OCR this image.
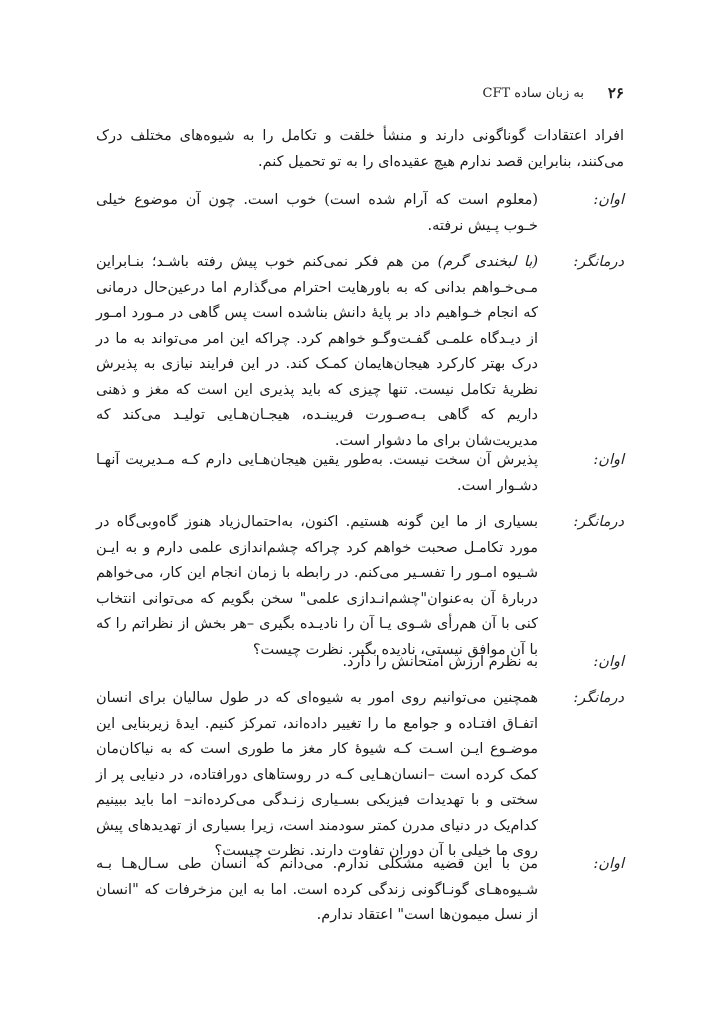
۲۶
CFT به زبان ساده
افراد اعتقادات گوناگونی دارند و منشأ خلقت و تکامل را به شیوه‌های مختلف درک می‌کنند، بنابراین قصد ندارم هیچ عقیده‌ای را به تو تحمیل کنم.
اوان:
(معلوم است که آرام شده است) خوب است. چون آن موضوع خیلی خـوب پـیش نرفته.
درمانگر:
(با لبخندی گرم) من هم فکر نمی‌کنم خوب پیش رفته باشـد؛ بنـابراین مـی‌خـواهم بدانی که به باورهایت احترام می‌گذارم اما درعین‌حال درمانی که انجام خـواهیم داد بر پایهٔ دانش بناشده است پس گاهی در مـورد امـور از دیـدگاه علمـی گفـت‌وگـو خواهم کرد. چراکه این امر می‌تواند به ما در درک بهتر کارکرد هیجان‌هایمان کمـک کند. در این فرایند نیازی به پذیرش نظریهٔ تکامل نیست. تنها چیزی که باید پذیری این است که مغز و ذهنی داریم که گاهی بـه‌صـورت فریبنـده، هیجـان‌هـایی تولیـد می‌کند که مدیریت‌شان برای ما دشوار است.
اوان:
پذیرش آن سخت نیست. به‌طور یقین هیجان‌هـایی دارم کـه مـدیریت آنهـا دشـوار است.
درمانگر:
بسیاری از ما این گونه هستیم. اکنون، به‌احتمال‌زیاد هنوز گاه‌وبی‌گاه در مورد تکامـل صحبت خواهم کرد چراکه چشم‌اندازی علمی دارم و به ایـن شـیوه امـور را تفسـیر می‌کنم. در رابطه با زمان انجام این کار، می‌خواهم دربارهٔ آن به‌عنوان"چشم‌انـدازی علمی" سخن بگویم که می‌توانی انتخاب کنی با آن هم‌رأی شـوی یـا آن را نادیـده بگیری –هر بخش از نظراتم را که با آن موافق نیستی، نادیده بگیر. نظرت چیست؟
اوان:
به نظرم ارزش امتحانش را دارد.
درمانگر:
همچنین می‌توانیم روی امور به شیوه‌ای که در طول سالیان برای انسان اتفـاق افتـاده و جوامع ما را تغییر داده‌اند، تمرکز کنیم. ایدهٔ زیربنایی این موضـوع ایـن اسـت کـه شیوهٔ کار مغز ما طوری است که به نیاکان‌مان کمک کرده است –انسان‌هـایی کـه در روستاهای دورافتاده، در دنیایی پر از سختی و با تهدیدات فیزیکی بسـیاری زنـدگی می‌کرده‌اند– اما باید ببینیم کدام‌یک در دنیای مدرن کمتر سودمند است، زیرا بسیاری از تهدیدهای پیش روی ما خیلی با آن دوران تفاوت دارند. نظرت چیست؟
اوان:
من با این قضیه مشکلی ندارم. می‌دانم که انسان طی سـال‌هـا بـه شـیوه‌هـای گونـاگونی زندگی کرده است. اما به این مزخرفات که "انسان از نسل میمون‌ها است" اعتقاد ندارم.
